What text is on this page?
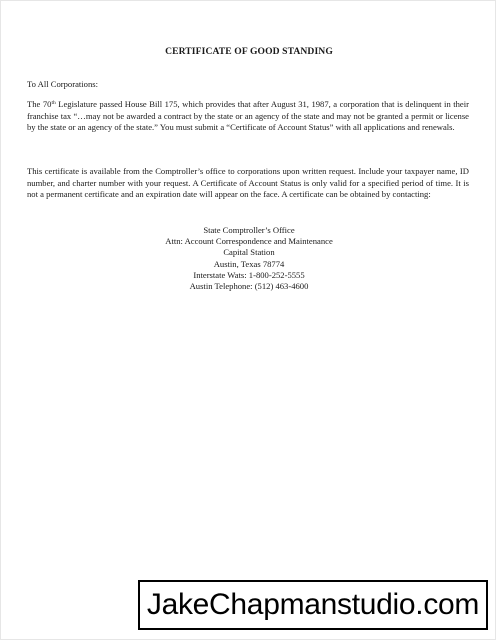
CERTIFICATE OF GOOD STANDING

To All Corporations:

The 70th Legislature passed House Bill 175, which provides that after August 31, 1987, a corporation that is delinquent in their franchise tax “…may not be awarded a contract by the state or an agency of the state and may not be granted a permit or license by the state or an agency of the state.” You must submit a “Certificate of Account Status” with all applications and renewals.

This certificate is available from the Comptroller’s office to corporations upon written request. Include your taxpayer name, ID number, and charter number with your request. A Certificate of Account Status is only valid for a specified period of time. It is not a permanent certificate and an expiration date will appear on the face. A certificate can be obtained by contacting:

State Comptroller’s Office
Attn: Account Correspondence and Maintenance
Capital Station
Austin, Texas 78774
Interstate Wats: 1-800-252-5555
Austin Telephone: (512) 463-4600
JakeChapmanstudio.com
